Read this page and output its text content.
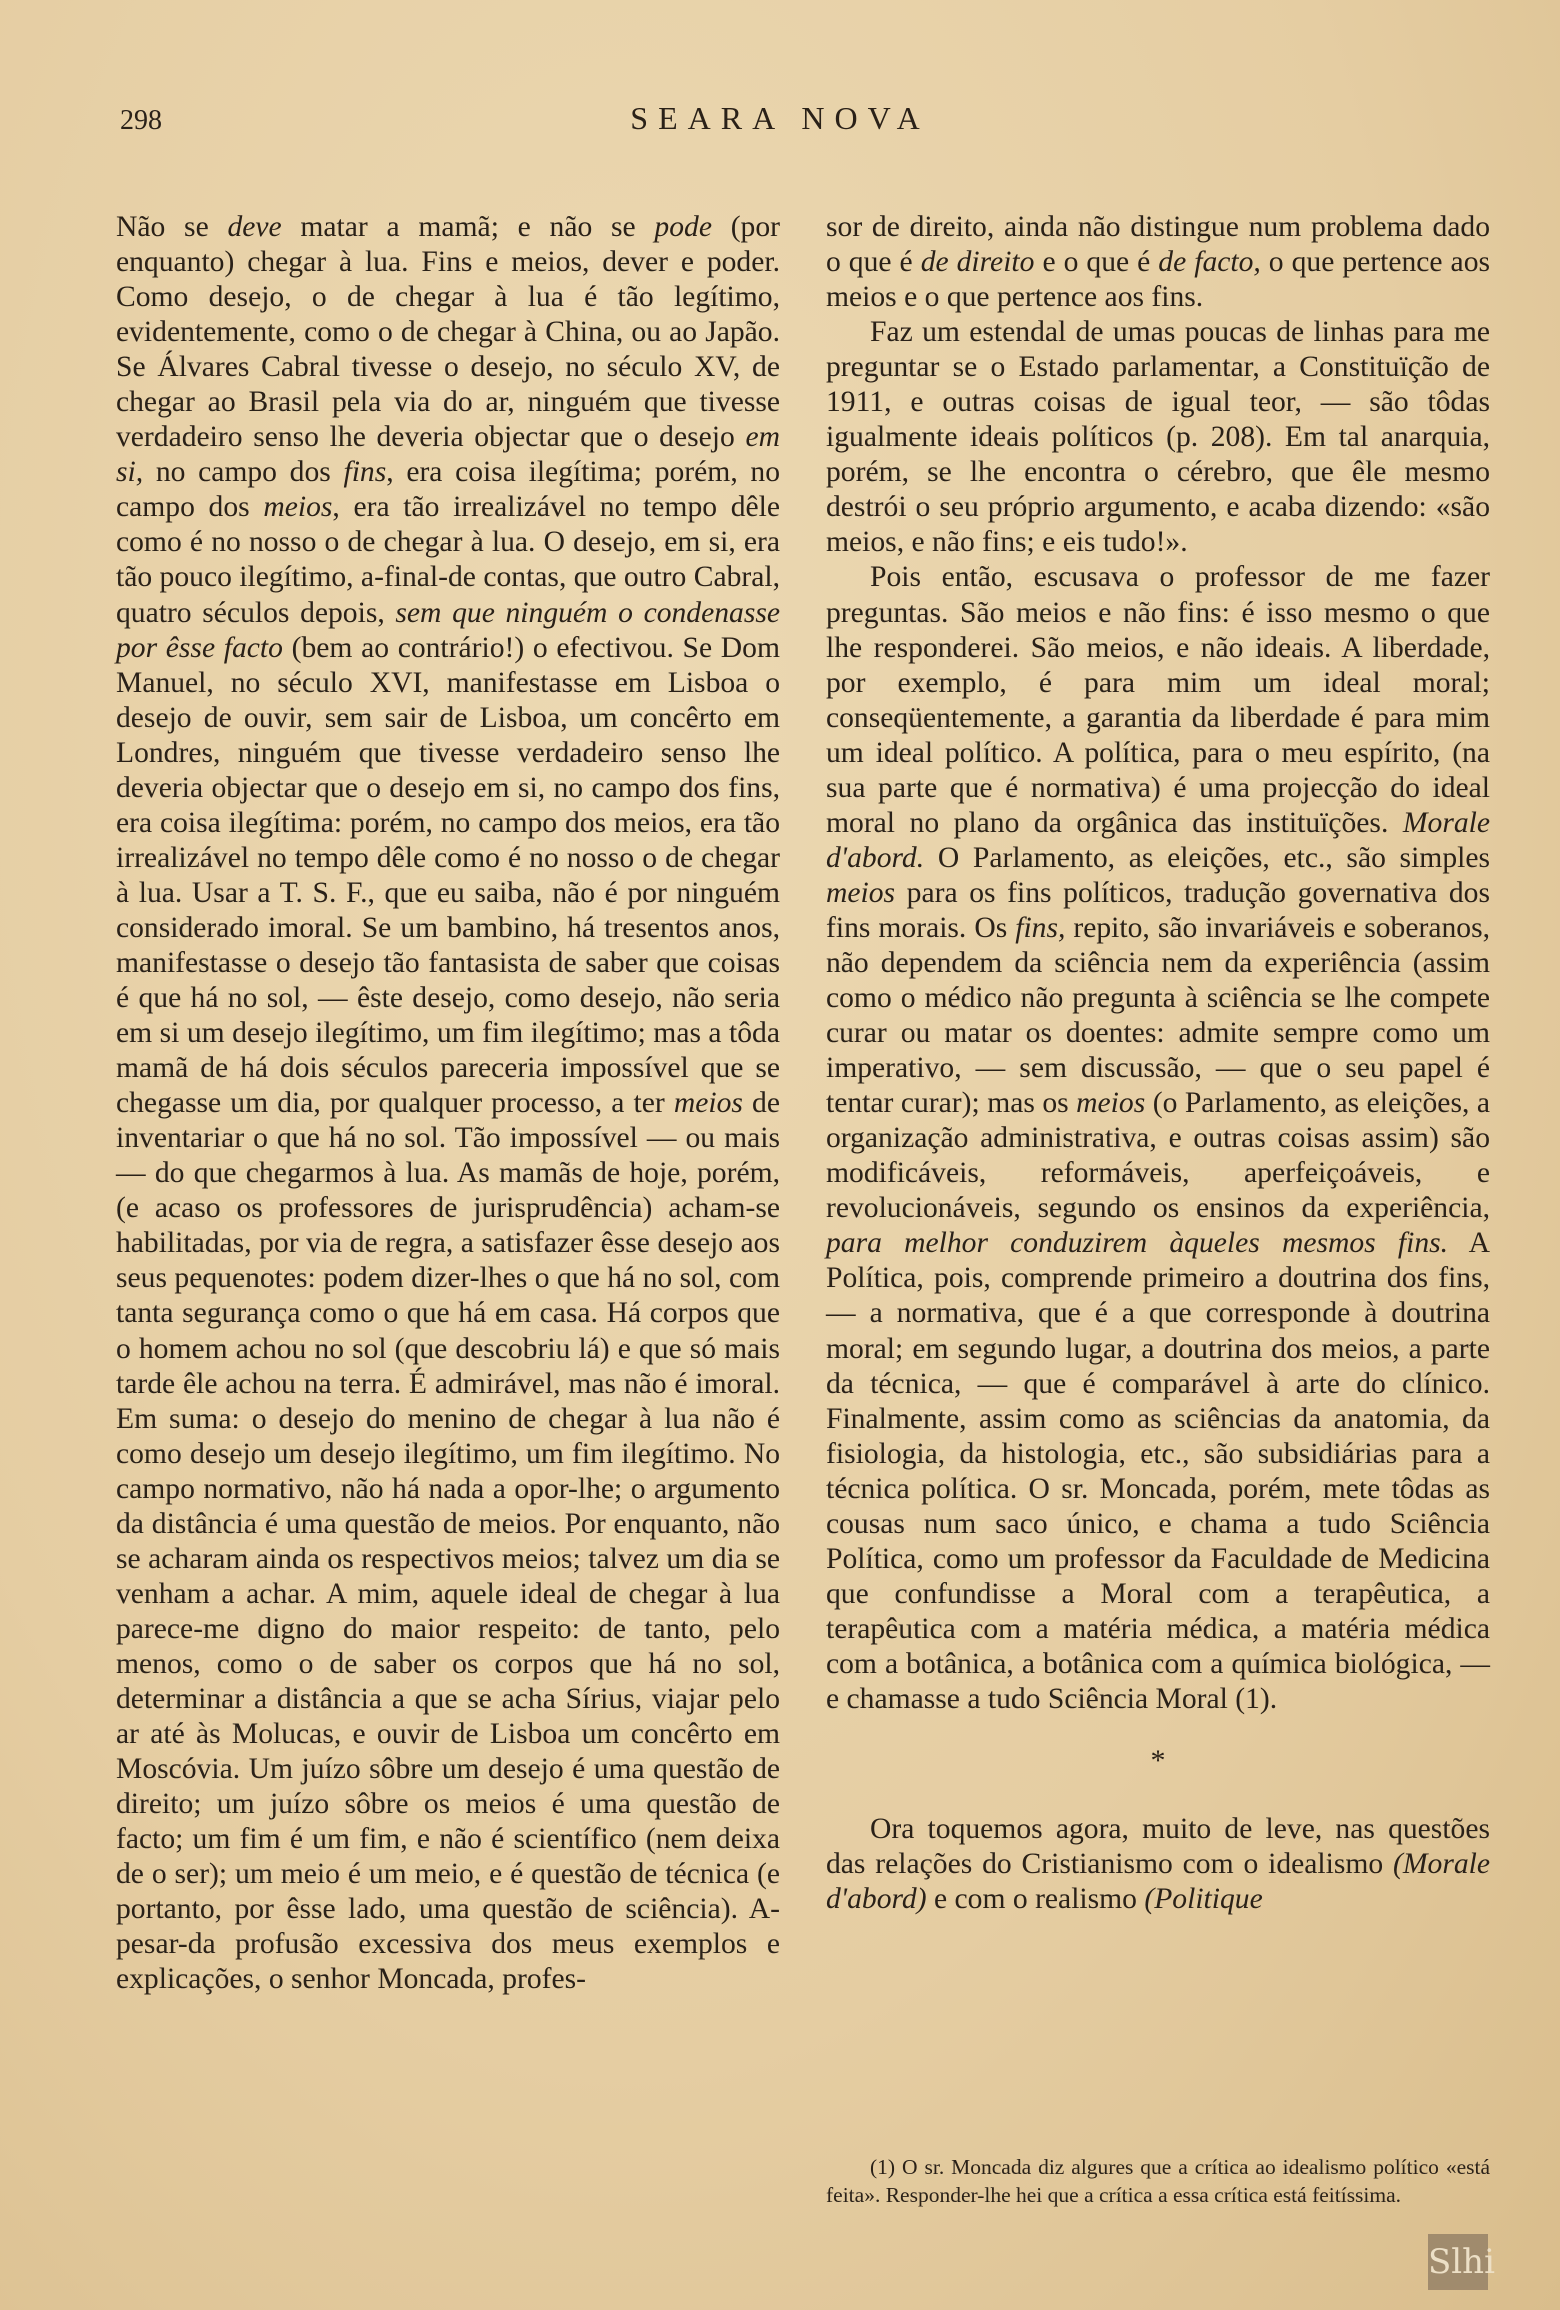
298	SEARA NOVA

Não se deve matar a mamã; e não se pode (por enquanto) chegar à lua. Fins e meios, dever e poder. Como desejo, o de chegar à lua é tão legítimo, evidentemente, como o de chegar à China, ou ao Japão. Se Álvares Cabral tivesse o desejo, no século XV, de chegar ao Brasil pela via do ar, ninguém que tivesse verdadeiro senso lhe deveria objectar que o desejo em si, no campo dos fins, era coisa ilegítima; porém, no campo dos meios, era tão irrealizável no tempo dêle como é no nosso o de chegar à lua. O desejo, em si, era tão pouco ilegítimo, a-final-de contas, que outro Cabral, quatro séculos depois, sem que ninguém o condenasse por êsse facto (bem ao contrário!) o efectivou. Se Dom Manuel, no século XVI, manifestasse em Lisboa o desejo de ouvir, sem sair de Lisboa, um concêrto em Londres, ninguém que tivesse verdadeiro senso lhe deveria objectar que o desejo em si, no campo dos fins, era coisa ilegítima: porém, no campo dos meios, era tão irrealizável no tempo dêle como é no nosso o de chegar à lua. Usar a T. S. F., que eu saiba, não é por ninguém considerado imoral. Se um bambino, há tresentos anos, manifestasse o desejo tão fantasista de saber que coisas é que há no sol, — êste desejo, como desejo, não seria em si um desejo ilegítimo, um fim ilegítimo; mas a tôda mamã de há dois séculos pareceria impossível que se chegasse um dia, por qualquer processo, a ter meios de inventariar o que há no sol. Tão impossível — ou mais — do que chegarmos à lua. As mamãs de hoje, porém, (e acaso os professores de jurisprudência) acham-se habilitadas, por via de regra, a satisfazer êsse desejo aos seus pequenotes: podem dizer-lhes o que há no sol, com tanta segurança como o que há em casa. Há corpos que o homem achou no sol (que descobriu lá) e que só mais tarde êle achou na terra. É admirável, mas não é imoral. Em suma: o desejo do menino de chegar à lua não é como desejo um desejo ilegítimo, um fim ilegítimo. No campo normativo, não há nada a opor-lhe; o argumento da distância é uma questão de meios. Por enquanto, não se acharam ainda os respectivos meios; talvez um dia se venham a achar. A mim, aquele ideal de chegar à lua parece-me digno do maior respeito: de tanto, pelo menos, como o de saber os corpos que há no sol, determinar a distância a que se acha Sírius, viajar pelo ar até às Molucas, e ouvir de Lisboa um concêrto em Moscóvia. Um juízo sôbre um desejo é uma questão de direito; um juízo sôbre os meios é uma questão de facto; um fim é um fim, e não é scientífico (nem deixa de o ser); um meio é um meio, e é questão de técnica (e portanto, por êsse lado, uma questão de sciência). A-pesar-da profusão excessiva dos meus exemplos e explicações, o senhor Moncada, profes-

sor de direito, ainda não distingue num problema dado o que é de direito e o que é de facto, o que pertence aos meios e o que pertence aos fins.

Faz um estendal de umas poucas de linhas para me preguntar se o Estado parlamentar, a Constituïção de 1911, e outras coisas de igual teor, — são tôdas igualmente ideais políticos (p. 208). Em tal anarquia, porém, se lhe encontra o cérebro, que êle mesmo destrói o seu próprio argumento, e acaba dizendo: «são meios, e não fins; e eis tudo!».

Pois então, escusava o professor de me fazer preguntas. São meios e não fins: é isso mesmo o que lhe responderei. São meios, e não ideais. A liberdade, por exemplo, é para mim um ideal moral; conseqüentemente, a garantia da liberdade é para mim um ideal político. A política, para o meu espírito, (na sua parte que é normativa) é uma projecção do ideal moral no plano da orgânica das instituïções. Morale d'abord. O Parlamento, as eleições, etc., são simples meios para os fins políticos, tradução governativa dos fins morais. Os fins, repito, são invariáveis e soberanos, não dependem da sciência nem da experiência (assim como o médico não pregunta à sciência se lhe compete curar ou matar os doentes: admite sempre como um imperativo, — sem discussão, — que o seu papel é tentar curar); mas os meios (o Parlamento, as eleições, a organização administrativa, e outras coisas assim) são modificáveis, reformáveis, aperfeiçoáveis, e revolucionáveis, segundo os ensinos da experiência, para melhor conduzirem àqueles mesmos fins. A Política, pois, comprende primeiro a doutrina dos fins, — a normativa, que é a que corresponde à doutrina moral; em segundo lugar, a doutrina dos meios, a parte da técnica, — que é comparável à arte do clínico. Finalmente, assim como as sciências da anatomia, da fisiologia, da histologia, etc., são subsidiárias para a técnica política. O sr. Moncada, porém, mete tôdas as cousas num saco único, e chama a tudo Sciência Política, como um professor da Faculdade de Medicina que confundisse a Moral com a terapêutica, a terapêutica com a matéria médica, a matéria médica com a botânica, a botânica com a química biológica, — e chamasse a tudo Sciência Moral (1).

*

Ora toquemos agora, muito de leve, nas questões das relações do Cristianismo com o idealismo (Morale d'abord) e com o realismo (Politique

(1) O sr. Moncada diz algures que a crítica ao idealismo político «está feita». Responder-lhe hei que a crítica a essa crítica está feitíssima.

Slhi
